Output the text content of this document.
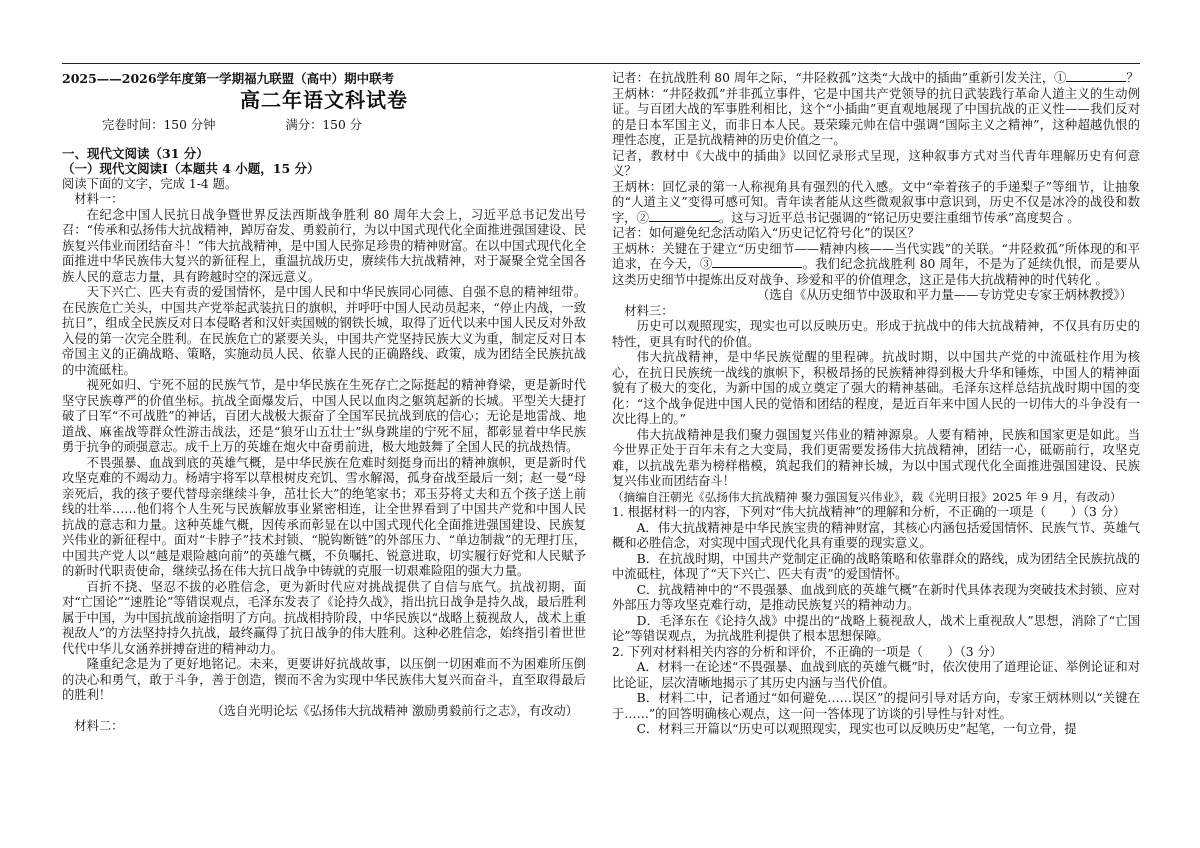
2025——2026学年度第一学期福九联盟（高中）期中联考

高二年语文科试卷

完卷时间：150 分钟	满分：150 分

一、现代文阅读（31 分）

（一）现代文阅读Ⅰ（本题共 4 小题，15 分）

阅读下面的文字，完成 1-4 题。

材料一：

在纪念中国人民抗日战争暨世界反法西斯战争胜利 80 周年大会上，习近平总书记发出号召：“传承和弘扬伟大抗战精神，踔厉奋发、勇毅前行，为以中国式现代化全面推进强国建设、民族复兴伟业而团结奋斗！”伟大抗战精神，是中国人民弥足珍贵的精神财富。在以中国式现代化全面推进中华民族伟大复兴的新征程上，重温抗战历史，赓续伟大抗战精神，对于凝聚全党全国各族人民的意志力量，具有跨越时空的深远意义。

天下兴亡、匹夫有责的爱国情怀，是中国人民和中华民族同心同德、自强不息的精神纽带。在民族危亡关头，中国共产党举起武装抗日的旗帜，并呼吁中国人民动员起来，“停止内战，一致抗日”，组成全民族反对日本侵略者和汉奸卖国贼的钢铁长城，取得了近代以来中国人民反对外敌入侵的第一次完全胜利。在民族危亡的紧要关头，中国共产党坚持民族大义为重，制定反对日本帝国主义的正确战略、策略，实施动员人民、依靠人民的正确路线、政策，成为团结全民族抗战的中流砥柱。

视死如归、宁死不屈的民族气节，是中华民族在生死存亡之际挺起的精神脊梁，更是新时代坚守民族尊严的价值坐标。抗战全面爆发后，中国人民以血肉之躯筑起新的长城。平型关大捷打破了日军“不可战胜”的神话，百团大战极大振奋了全国军民抗战到底的信心；无论是地雷战、地道战、麻雀战等群众性游击战法，还是“狼牙山五壮士”纵身跳崖的宁死不屈，都彰显着中华民族勇于抗争的顽强意志。成千上万的英雄在炮火中奋勇前进，极大地鼓舞了全国人民的抗战热情。

不畏强暴、血战到底的英雄气概，是中华民族在危难时刻挺身而出的精神旗帜，更是新时代攻坚克难的不竭动力。杨靖宇将军以草根树皮充饥、雪水解渴，孤身奋战至最后一刻；赵一曼“母亲死后，我的孩子要代替母亲继续斗争，茁壮长大”的绝笔家书；邓玉芬将丈夫和五个孩子送上前线的壮举……他们将个人生死与民族解放事业紧密相连，让全世界看到了中国共产党和中国人民抗战的意志和力量。这种英雄气概，因传承而彰显在以中国式现代化全面推进强国建设、民族复兴伟业的新征程中。面对“卡脖子”技术封锁、“脱钩断链”的外部压力、“单边制裁”的无理打压，中国共产党人以“越是艰险越向前”的英雄气概，不负嘱托、锐意进取，切实履行好党和人民赋予的新时代职责使命，继续弘扬在伟大抗日战争中铸就的克服一切艰难险阻的强大力量。

百折不挠、坚忍不拔的必胜信念，更为新时代应对挑战提供了自信与底气。抗战初期，面对“亡国论”“速胜论”等错误观点，毛泽东发表了《论持久战》，指出抗日战争是持久战，最后胜利属于中国，为中国抗战前途指明了方向。抗战相持阶段，中华民族以“战略上藐视敌人，战术上重视敌人”的方法坚持持久抗战，最终赢得了抗日战争的伟大胜利。这种必胜信念，始终指引着世世代代中华儿女涵养拼搏奋进的精神动力。

隆重纪念是为了更好地铭记。未来，更要讲好抗战故事，以压倒一切困难而不为困难所压倒的决心和勇气，敢于斗争，善于创造，锲而不舍为实现中华民族伟大复兴而奋斗，直至取得最后的胜利！

（选自光明论坛《弘扬伟大抗战精神 激励勇毅前行之志》，有改动）

材料二：

记者：在抗战胜利 80 周年之际，“井陉救孤”这类“大战中的插曲”重新引发关注，①	？

王炳林：“井陉救孤”并非孤立事件，它是中国共产党领导的抗日武装践行革命人道主义的生动例证。与百团大战的军事胜利相比，这个“小插曲”更直观地展现了中国抗战的正义性——我们反对的是日本军国主义，而非日本人民。聂荣臻元帅在信中强调“国际主义之精神”，这种超越仇恨的理性态度，正是抗战精神的历史价值之一。

记者，教材中《大战中的插曲》以回忆录形式呈现，这种叙事方式对当代青年理解历史有何意义？

王炳林：回忆录的第一人称视角具有强烈的代入感。文中“牵着孩子的手递梨子”等细节，让抽象的“人道主义”变得可感可知。青年读者能从这些微观叙事中意识到，历史不仅是冰冷的战役和数字，②	。这与习近平总书记强调的“铭记历史要注重细节传承”高度契合 。

记者：如何避免纪念活动陷入“历史记忆符号化”的误区？

王炳林：关键在于建立“历史细节——精神内核——当代实践”的关联。“井陉救孤”所体现的和平追求，在今天，③	。我们纪念抗战胜利 80 周年，不是为了延续仇恨，而是要从这类历史细节中提炼出反对战争、珍爱和平的价值理念，这正是伟大抗战精神的时代转化 。

（选自《从历史细节中汲取和平力量——专访党史专家王炳林教授》）

材料三：

历史可以观照现实，现实也可以反映历史。形成于抗战中的伟大抗战精神，不仅具有历史的特性，更具有时代的价值。

伟大抗战精神，是中华民族觉醒的里程碑。抗战时期，以中国共产党的中流砥柱作用为核心，在抗日民族统一战线的旗帜下，积极昂扬的民族精神得到极大升华和锤炼，中国人的精神面貌有了极大的变化，为新中国的成立奠定了强大的精神基础。毛泽东这样总结抗战时期中国的变化：“这个战争促进中国人民的觉悟和团结的程度，是近百年来中国人民的一切伟大的斗争没有一次比得上的。”

伟大抗战精神是我们聚力强国复兴伟业的精神源泉。人要有精神，民族和国家更是如此。当今世界正处于百年未有之大变局，我们更需要发扬伟大抗战精神，团结一心，砥砺前行，攻坚克难，以抗战先辈为榜样楷模，筑起我们的精神长城，为以中国式现代化全面推进强国建设、民族复兴伟业而团结奋斗！

（摘编自汪朝光《弘扬伟大抗战精神 聚力强国复兴伟业》，载《光明日报》2025 年 9 月，有改动）

1. 根据材料一的内容，下列对“伟大抗战精神”的理解和分析，不正确的一项是（　　）（3 分）

A．伟大抗战精神是中华民族宝贵的精神财富，其核心内涵包括爱国情怀、民族气节、英雄气概和必胜信念，对实现中国式现代化具有重要的现实意义。

B．在抗战时期，中国共产党制定正确的战略策略和依靠群众的路线，成为团结全民族抗战的中流砥柱，体现了“天下兴亡、匹夫有责”的爱国情怀。

C．抗战精神中的“不畏强暴、血战到底的英雄气概”在新时代具体表现为突破技术封锁、应对外部压力等攻坚克难行动，是推动民族复兴的精神动力。

D．毛泽东在《论持久战》中提出的“战略上藐视敌人，战术上重视敌人”思想，消除了“亡国论”等错误观点，为抗战胜利提供了根本思想保障。

2. 下列对材料相关内容的分析和评价，不正确的一项是（　　）（3 分）

A．材料一在论述“不畏强暴、血战到底的英雄气概”时，依次使用了道理论证、举例论证和对比论证，层次清晰地揭示了其历史内涵与当代价值。

B．材料二中，记者通过“如何避免……误区”的提问引导对话方向，专家王炳林则以“关键在于……”的回答明确核心观点，这一问一答体现了访谈的引导性与针对性。

C．材料三开篇以“历史可以观照现实，现实也可以反映历史”起笔，一句立骨，提
